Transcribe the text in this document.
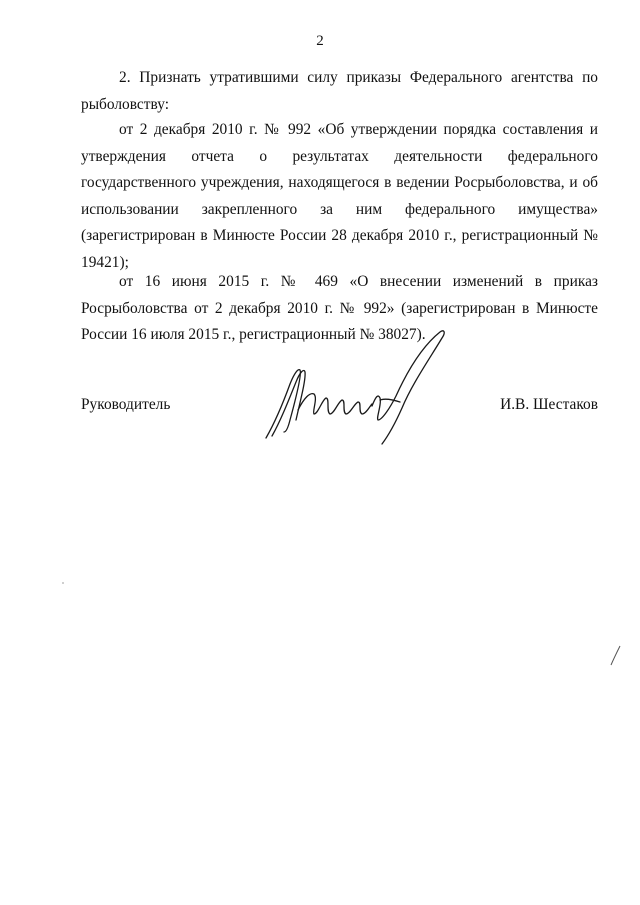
2

2. Признать утратившими силу приказы Федерального агентства по рыболовству:

от 2 декабря 2010 г. № 992 «Об утверждении порядка составления и утверждения отчета о результатах деятельности федерального государственного учреждения, находящегося в ведении Росрыболовства, и об использовании закрепленного за ним федерального имущества» (зарегистрирован в Минюсте России 28 декабря 2010 г., регистрационный № 19421);

от 16 июня 2015 г. № 469 «О внесении изменений в приказ Росрыболовства от 2 декабря 2010 г. № 992» (зарегистрирован в Минюсте России 16 июля 2015 г., регистрационный № 38027).

Руководитель	И.В. Шестаков
